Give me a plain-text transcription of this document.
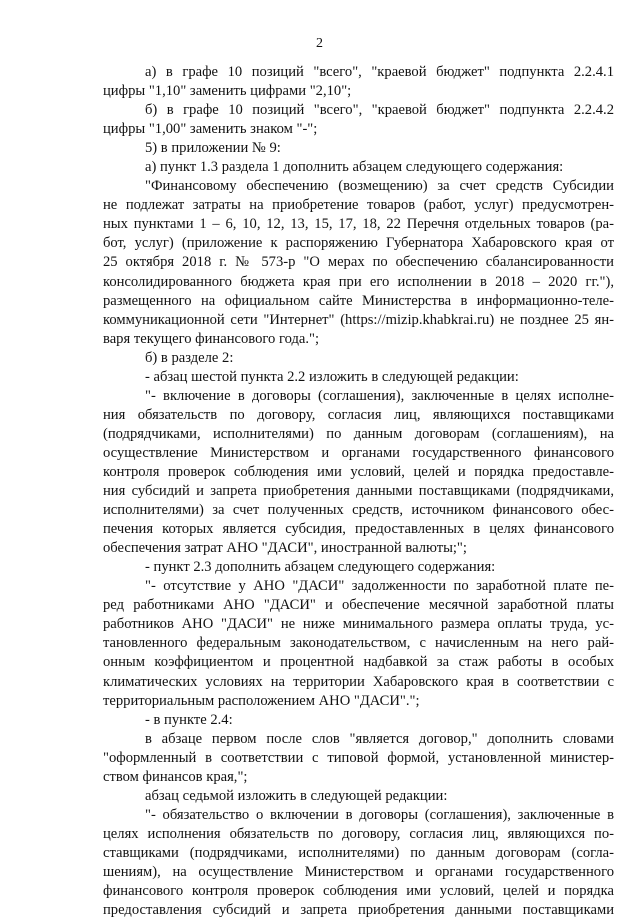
2
а) в графе 10 позиций "всего", "краевой бюджет" подпункта 2.2.4.1
цифры "1,10" заменить цифрами "2,10";
б) в графе 10 позиций "всего", "краевой бюджет" подпункта 2.2.4.2
цифры "1,00" заменить знаком "-";
5) в приложении № 9:
а) пункт 1.3 раздела 1 дополнить абзацем следующего содержания:
"Финансовому обеспечению (возмещению) за счет средств Субсидии
не подлежат затраты на приобретение товаров (работ, услуг) предусмотрен-
ных пунктами 1 – 6, 10, 12, 13, 15, 17, 18, 22 Перечня отдельных товаров (ра-
бот, услуг) (приложение к распоряжению Губернатора Хабаровского края от
25 октября 2018 г. № 573-р "О мерах по обеспечению сбалансированности
консолидированного бюджета края при его исполнении в 2018 – 2020 гг."),
размещенного на официальном сайте Министерства в информационно-теле-
коммуникационной сети "Интернет" (https://mizip.khabkrai.ru) не позднее 25 ян-
варя текущего финансового года.";
б) в разделе 2:
- абзац шестой пункта 2.2 изложить в следующей редакции:
"- включение в договоры (соглашения), заключенные в целях исполне-
ния обязательств по договору, согласия лиц, являющихся поставщиками
(подрядчиками, исполнителями) по данным договорам (соглашениям), на
осуществление Министерством и органами государственного финансового
контроля проверок соблюдения ими условий, целей и порядка предоставле-
ния субсидий и запрета приобретения данными поставщиками (подрядчиками,
исполнителями) за счет полученных средств, источником финансового обес-
печения которых является субсидия, предоставленных в целях финансового
обеспечения затрат АНО "ДАСИ", иностранной валюты;";
- пункт 2.3 дополнить абзацем следующего содержания:
"- отсутствие у АНО "ДАСИ" задолженности по заработной плате пе-
ред работниками АНО "ДАСИ" и обеспечение месячной заработной платы
работников АНО "ДАСИ" не ниже минимального размера оплаты труда, ус-
тановленного федеральным законодательством, с начисленным на него рай-
онным коэффициентом и процентной надбавкой за стаж работы в особых
климатических условиях на территории Хабаровского края в соответствии с
территориальным расположением АНО "ДАСИ".";
- в пункте 2.4:
в абзаце первом после слов "является договор," дополнить словами
"оформленный в соответствии с типовой формой, установленной министер-
ством финансов края,";
абзац седьмой изложить в следующей редакции:
"- обязательство о включении в договоры (соглашения), заключенные в
целях исполнения обязательств по договору, согласия лиц, являющихся по-
ставщиками (подрядчиками, исполнителями) по данным договорам (согла-
шениям), на осуществление Министерством и органами государственного
финансового контроля проверок соблюдения ими условий, целей и порядка
предоставления субсидий и запрета приобретения данными поставщиками
